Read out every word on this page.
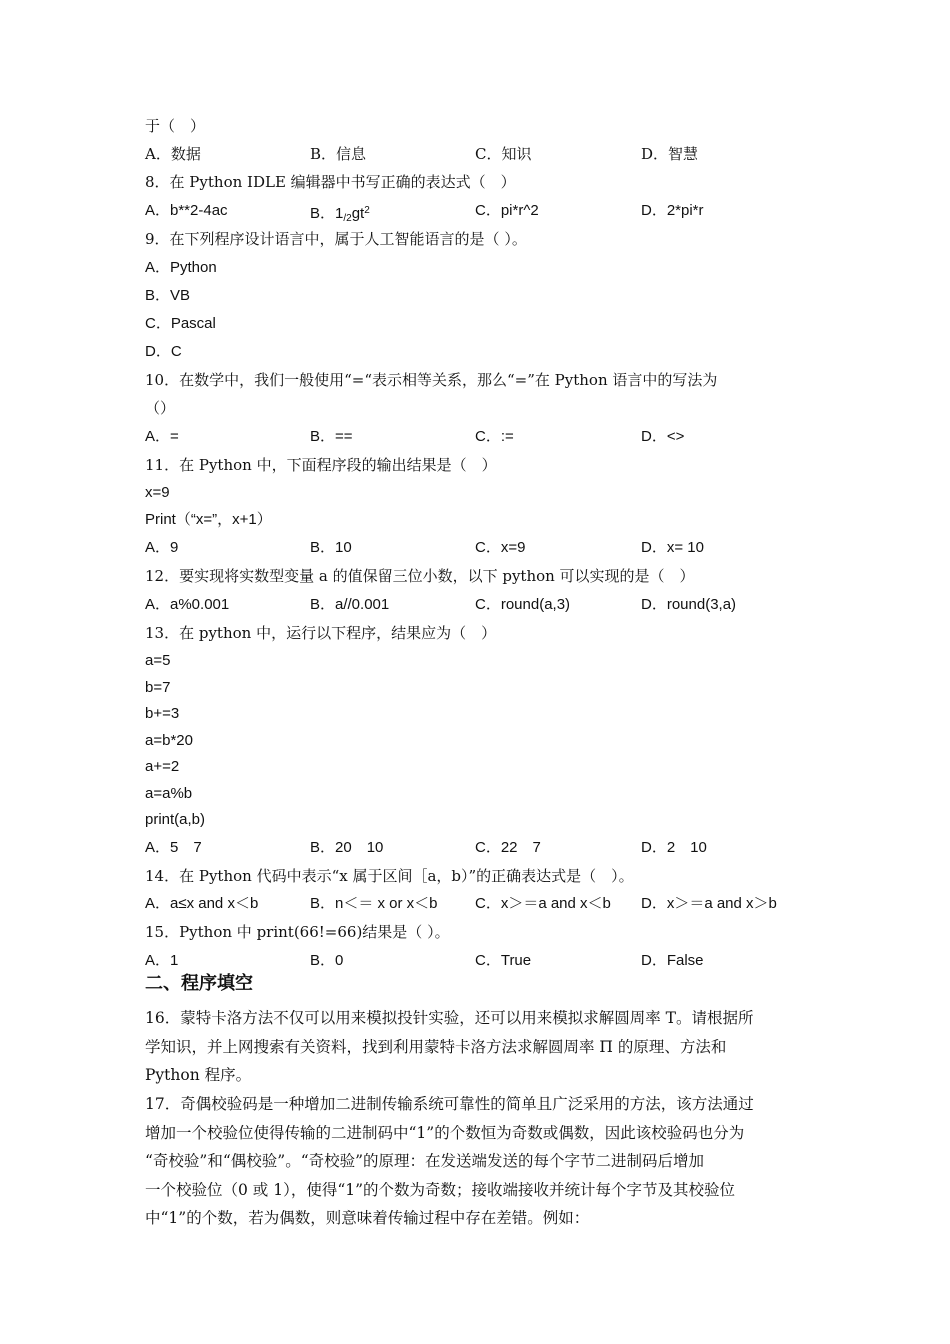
于（　）
A．数据	B．信息	C．知识	D．智慧
8．在 Python IDLE 编辑器中书写正确的表达式（　）
A．b**2-4ac	B．$1_{/2}gt^2$	C．pi*r^2	D．2*pi*r
9．在下列程序设计语言中，属于人工智能语言的是（ ）。
A．Python
B．VB
C．Pascal
D．C
10．在数学中，我们一般使用“=“表示相等关系，那么“=”在 Python 语言中的写法为
（）
A．=	B．==	C．:=	D．<>
11．在 Python 中，下面程序段的输出结果是（　）
x=9
Print（“x=”，x+1）
A．9	B．10	C．x=9	D．x= 10
12．要实现将实数型变量 a 的值保留三位小数，以下 python 可以实现的是（　）
A．a%0.001	B．a//0.001	C．round(a,3)	D．round(3,a)
13．在 python 中，运行以下程序，结果应为（　）
a=5
b=7
b+=3
a=b*20
a+=2
a=a%b
print(a,b)
A．5　7	B．20　10	C．22　7	D．2　10
14．在 Python 代码中表示“x 属于区间［a，b）”的正确表达式是（　）。
A．a≤x and x＜b	B．n＜＝ x or x＜b C．x＞＝a and x＜b D．x＞＝a and x＞b
15．Python 中 print(66!=66)结果是（ ）。
A．1	B．0	C．True	D．False
二、程序填空
16．蒙特卡洛方法不仅可以用来模拟投针实验，还可以用来模拟求解圆周率 T。请根据所
学知识，并上网搜索有关资料，找到利用蒙特卡洛方法求解圆周率 Π 的原理、方法和
Python 程序。
17．奇偶校验码是一种增加二进制传输系统可靠性的简单且广泛采用的方法，该方法通过
增加一个校验位使得传输的二进制码中“1”的个数恒为奇数或偶数，因此该校验码也分为
“奇校验”和“偶校验”。“奇校验”的原理：在发送端发送的每个字节二进制码后增加
一个校验位（0 或 1），使得“1”的个数为奇数；接收端接收并统计每个字节及其校验位
中“1”的个数，若为偶数，则意味着传输过程中存在差错。例如：
